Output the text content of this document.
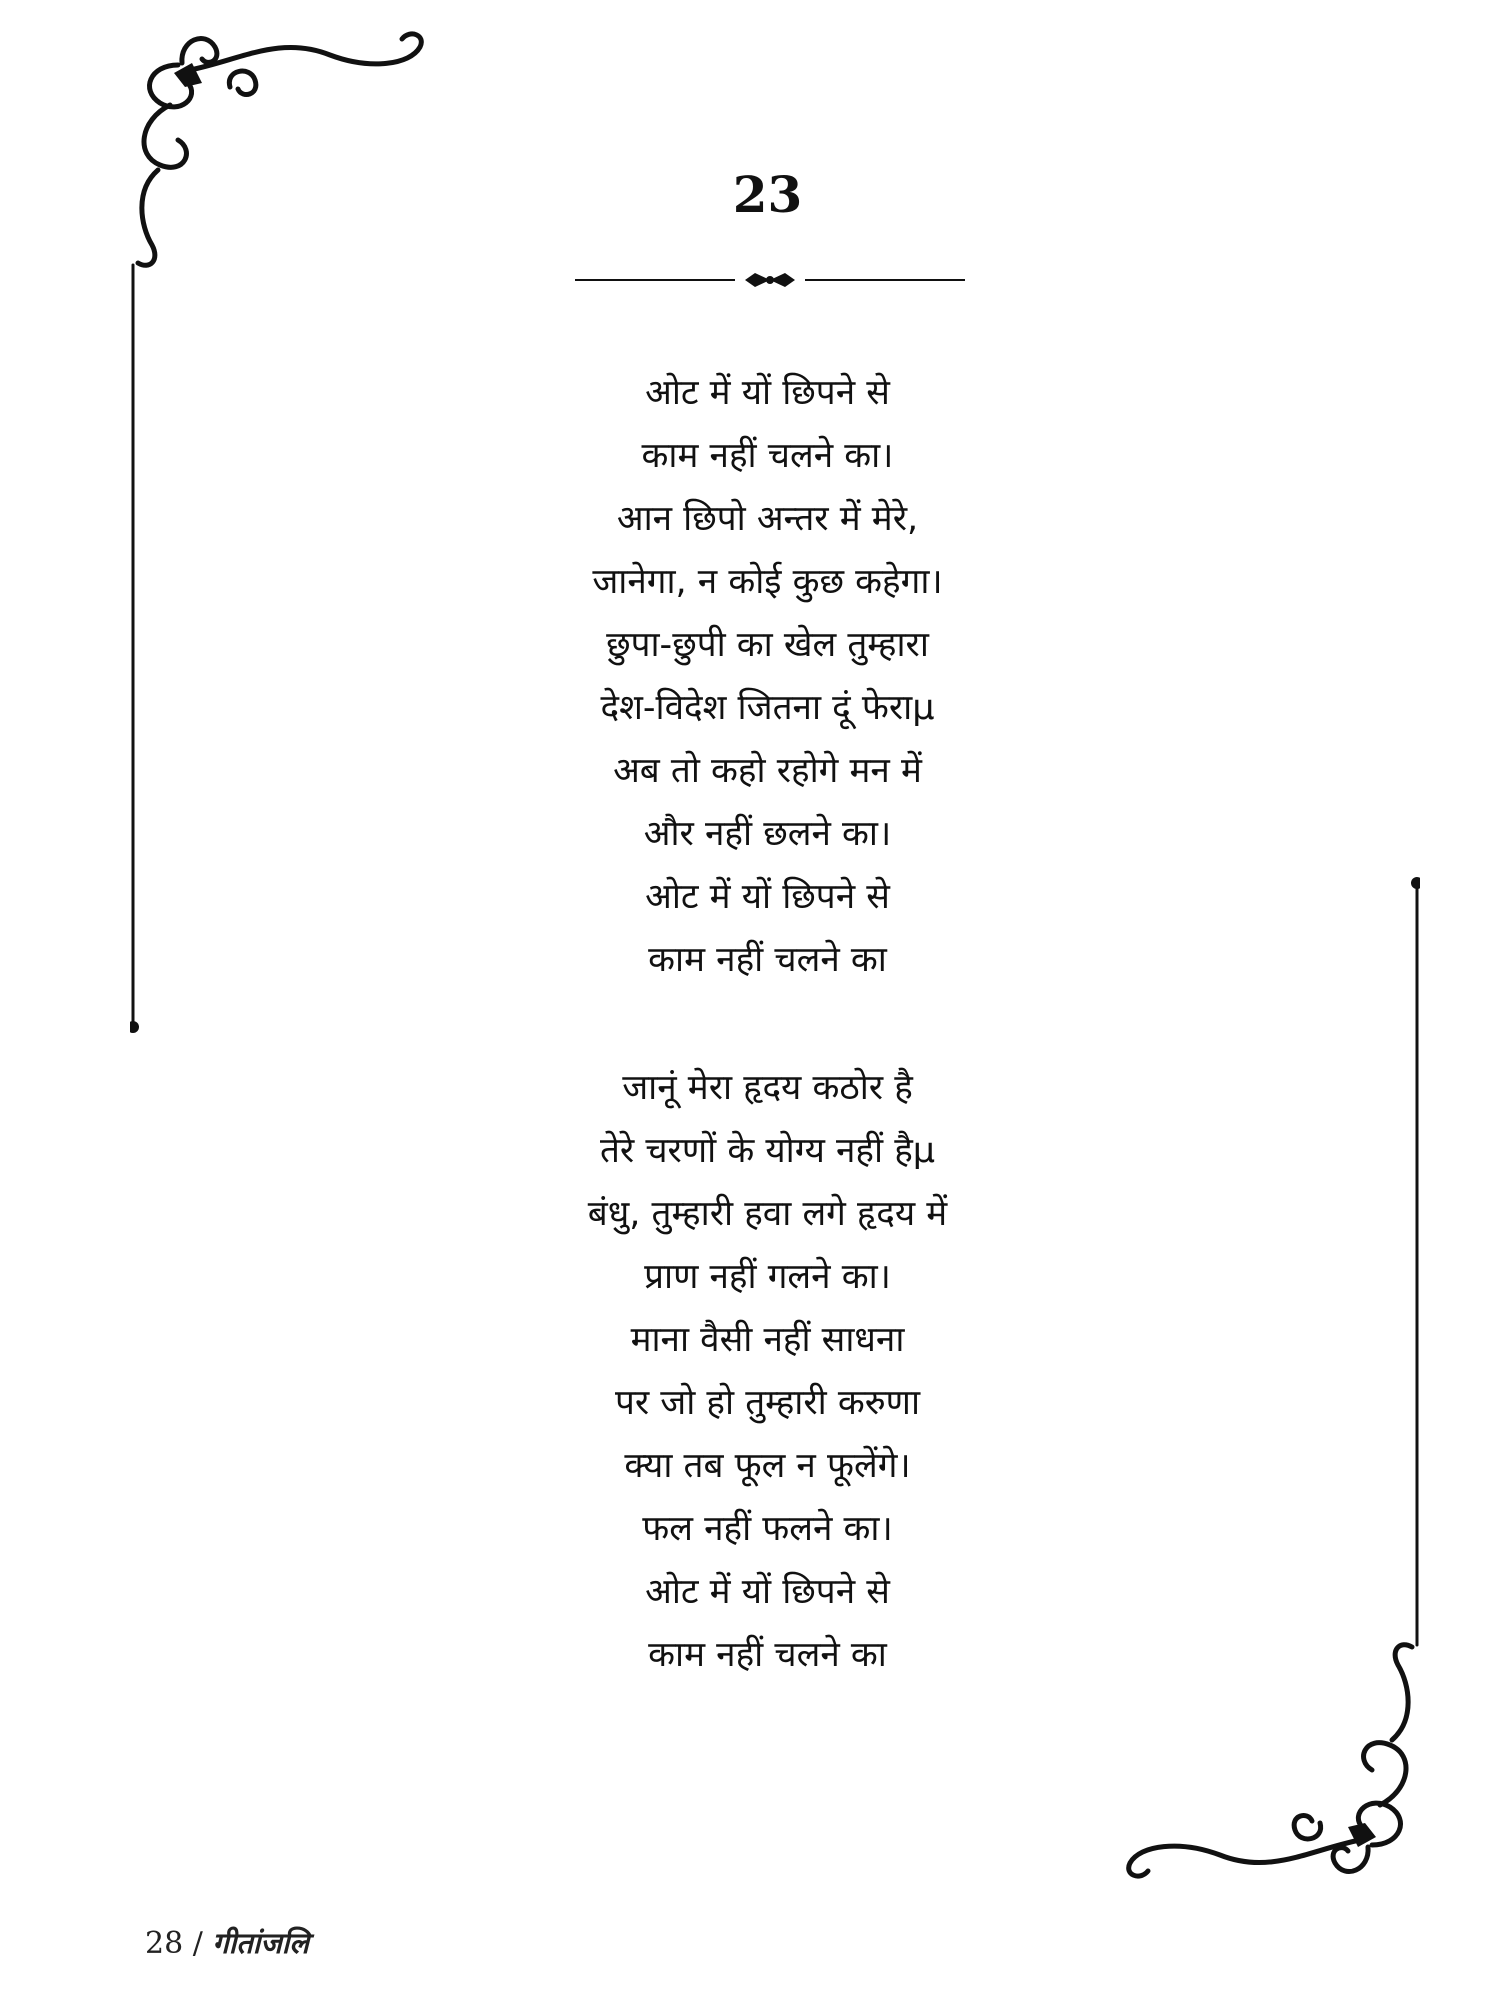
23
ओट में यों छिपने से
काम नहीं चलने का।
आन छिपो अन्तर में मेरे,
जानेगा, न कोई कुछ कहेगा।
छुपा-छुपी का खेल तुम्हारा
देश-विदेश जितना दूं फेराμ
अब तो कहो रहोगे मन में
और नहीं छलने का।
ओट में यों छिपने से
काम नहीं चलने का
जानूं मेरा हृदय कठोर है
तेरे चरणों के योग्य नहीं हैμ
बंधु, तुम्हारी हवा लगे हृदय में
प्राण नहीं गलने का।
माना वैसी नहीं साधना
पर जो हो तुम्हारी करुणा
क्या तब फूल न फूलेंगे।
फल नहीं फलने का।
ओट में यों छिपने से
काम नहीं चलने का
28 / गीतांजलि
